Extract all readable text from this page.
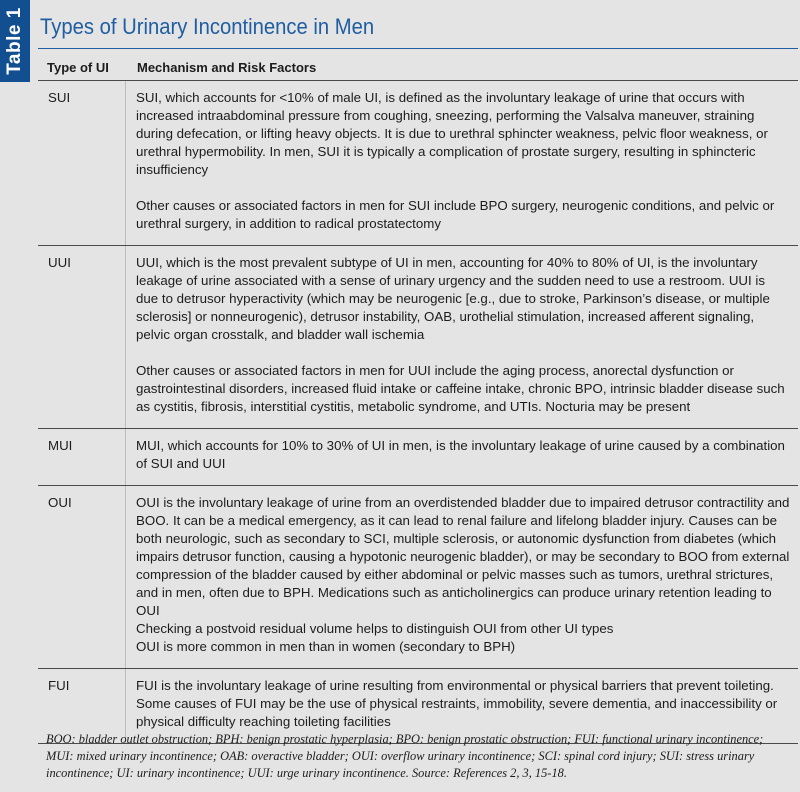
Table 1 Types of Urinary Incontinence in Men
Type of UI Mechanism and Risk Factors
SUI	SUI, which accounts for <10% of male UI, is defined as the involuntary leakage of urine that occurs with increased intraabdominal pressure from coughing, sneezing, performing the Valsalva maneuver, straining during defecation, or lifting heavy objects. It is due to urethral sphincter weakness, pelvic floor weakness, or urethral hypermobility. In men, SUI it is typically a complication of prostate surgery, resulting in sphincteric insufficiency

Other causes or associated factors in men for SUI include BPO surgery, neurogenic conditions, and pelvic or urethral surgery, in addition to radical prostatectomy

UUI	UUI, which is the most prevalent subtype of UI in men, accounting for 40% to 80% of UI, is the involuntary leakage of urine associated with a sense of urinary urgency and the sudden need to use a restroom. UUI is due to detrusor hyperactivity (which may be neurogenic [e.g., due to stroke, Parkinson’s disease, or multiple sclerosis] or nonneurogenic), detrusor instability, OAB, urothelial stimulation, increased afferent signaling, pelvic organ crosstalk, and bladder wall ischemia

Other causes or associated factors in men for UUI include the aging process, anorectal dysfunction or gastrointestinal disorders, increased fluid intake or caffeine intake, chronic BPO, intrinsic bladder disease such as cystitis, fibrosis, interstitial cystitis, metabolic syndrome, and UTIs. Nocturia may be present

MUI	MUI, which accounts for 10% to 30% of UI in men, is the involuntary leakage of urine caused by a combination of SUI and UUI

OUI	OUI is the involuntary leakage of urine from an overdistended bladder due to impaired detrusor contractility and BOO. It can be a medical emergency, as it can lead to renal failure and lifelong bladder injury. Causes can be both neurologic, such as secondary to SCI, multiple sclerosis, or autonomic dysfunction from diabetes (which impairs detrusor function, causing a hypotonic neurogenic bladder), or may be secondary to BOO from external compression of the bladder caused by either abdominal or pelvic masses such as tumors, urethral strictures, and in men, often due to BPH. Medications such as anticholinergics can produce urinary retention leading to OUI

Checking a postvoid residual volume helps to distinguish OUI from other UI types

OUI is more common in men than in women (secondary to BPH)

FUI	FUI is the involuntary leakage of urine resulting from environmental or physical barriers that prevent toileting. Some causes of FUI may be the use of physical restraints, immobility, severe dementia, and inaccessibility or physical difficulty reaching toileting facilities

BOO: bladder outlet obstruction; BPH: benign prostatic hyperplasia; BPO: benign prostatic obstruction; FUI: functional urinary incontinence; MUI: mixed urinary incontinence; OAB: overactive bladder; OUI: overflow urinary incontinence; SCI: spinal cord injury; SUI: stress urinary incontinence; UI: urinary incontinence; UUI: urge urinary incontinence. Source: References 2, 3, 15-18.
